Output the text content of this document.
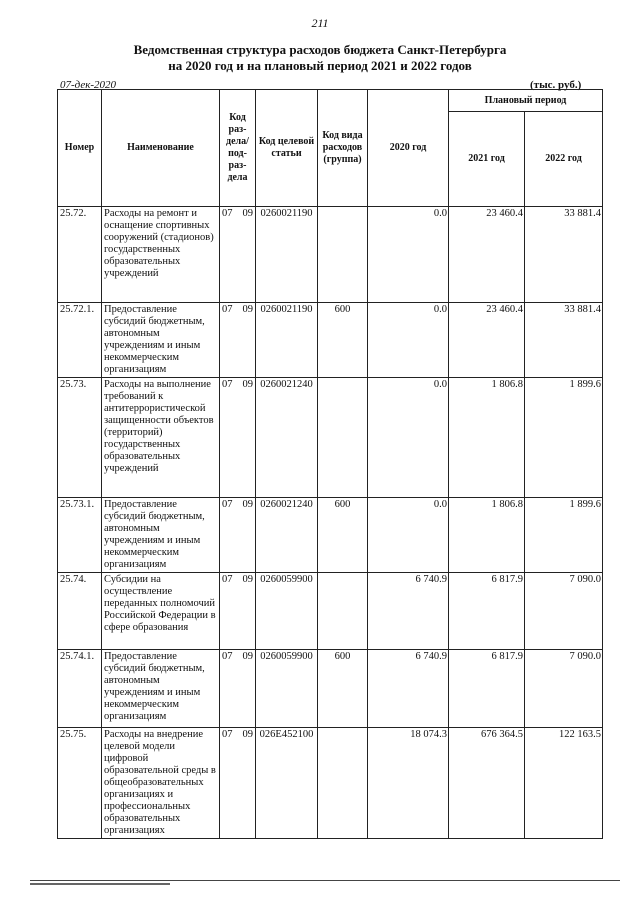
211
Ведомственная структура расходов бюджета Санкт-Петербурга
на 2020 год и на плановый период 2021 и 2022 годов
07-дек-2020	(тыс. руб.)
Номер	Наименование	Код раз-дела/ под-раз-дела	Код целевой статьи	Код вида расходов (группа)	2020 год	Плановый период	
						2021 год	2022 год
25.72.	Расходы на ремонт и оснащение спортивных сооружений (стадионов) государственных образовательных учреждений	07 09	0260021190		0.0	23 460.4	33 881.4
25.72.1.	Предоставление субсидий бюджетным, автономным учреждениям и иным некоммерческим организациям	07 09	0260021190	600	0.0	23 460.4	33 881.4
25.73.	Расходы на выполнение требований к антитеррористической защищенности объектов (территорий) государственных образовательных учреждений	07 09	0260021240		0.0	1 806.8	1 899.6
25.73.1.	Предоставление субсидий бюджетным, автономным учреждениям и иным некоммерческим организациям	07 09	0260021240	600	0.0	1 806.8	1 899.6
25.74.	Субсидии на осуществление переданных полномочий Российской Федерации в сфере образования	07 09	0260059900		6 740.9	6 817.9	7 090.0
25.74.1.	Предоставление субсидий бюджетным, автономным учреждениям и иным некоммерческим организациям	07 09	0260059900	600	6 740.9	6 817.9	7 090.0
25.75.	Расходы на внедрение целевой модели цифровой образовательной среды в общеобразовательных организациях и профессиональных образовательных организациях	07 09	026E452100		18 074.3	676 364.5	122 163.5
